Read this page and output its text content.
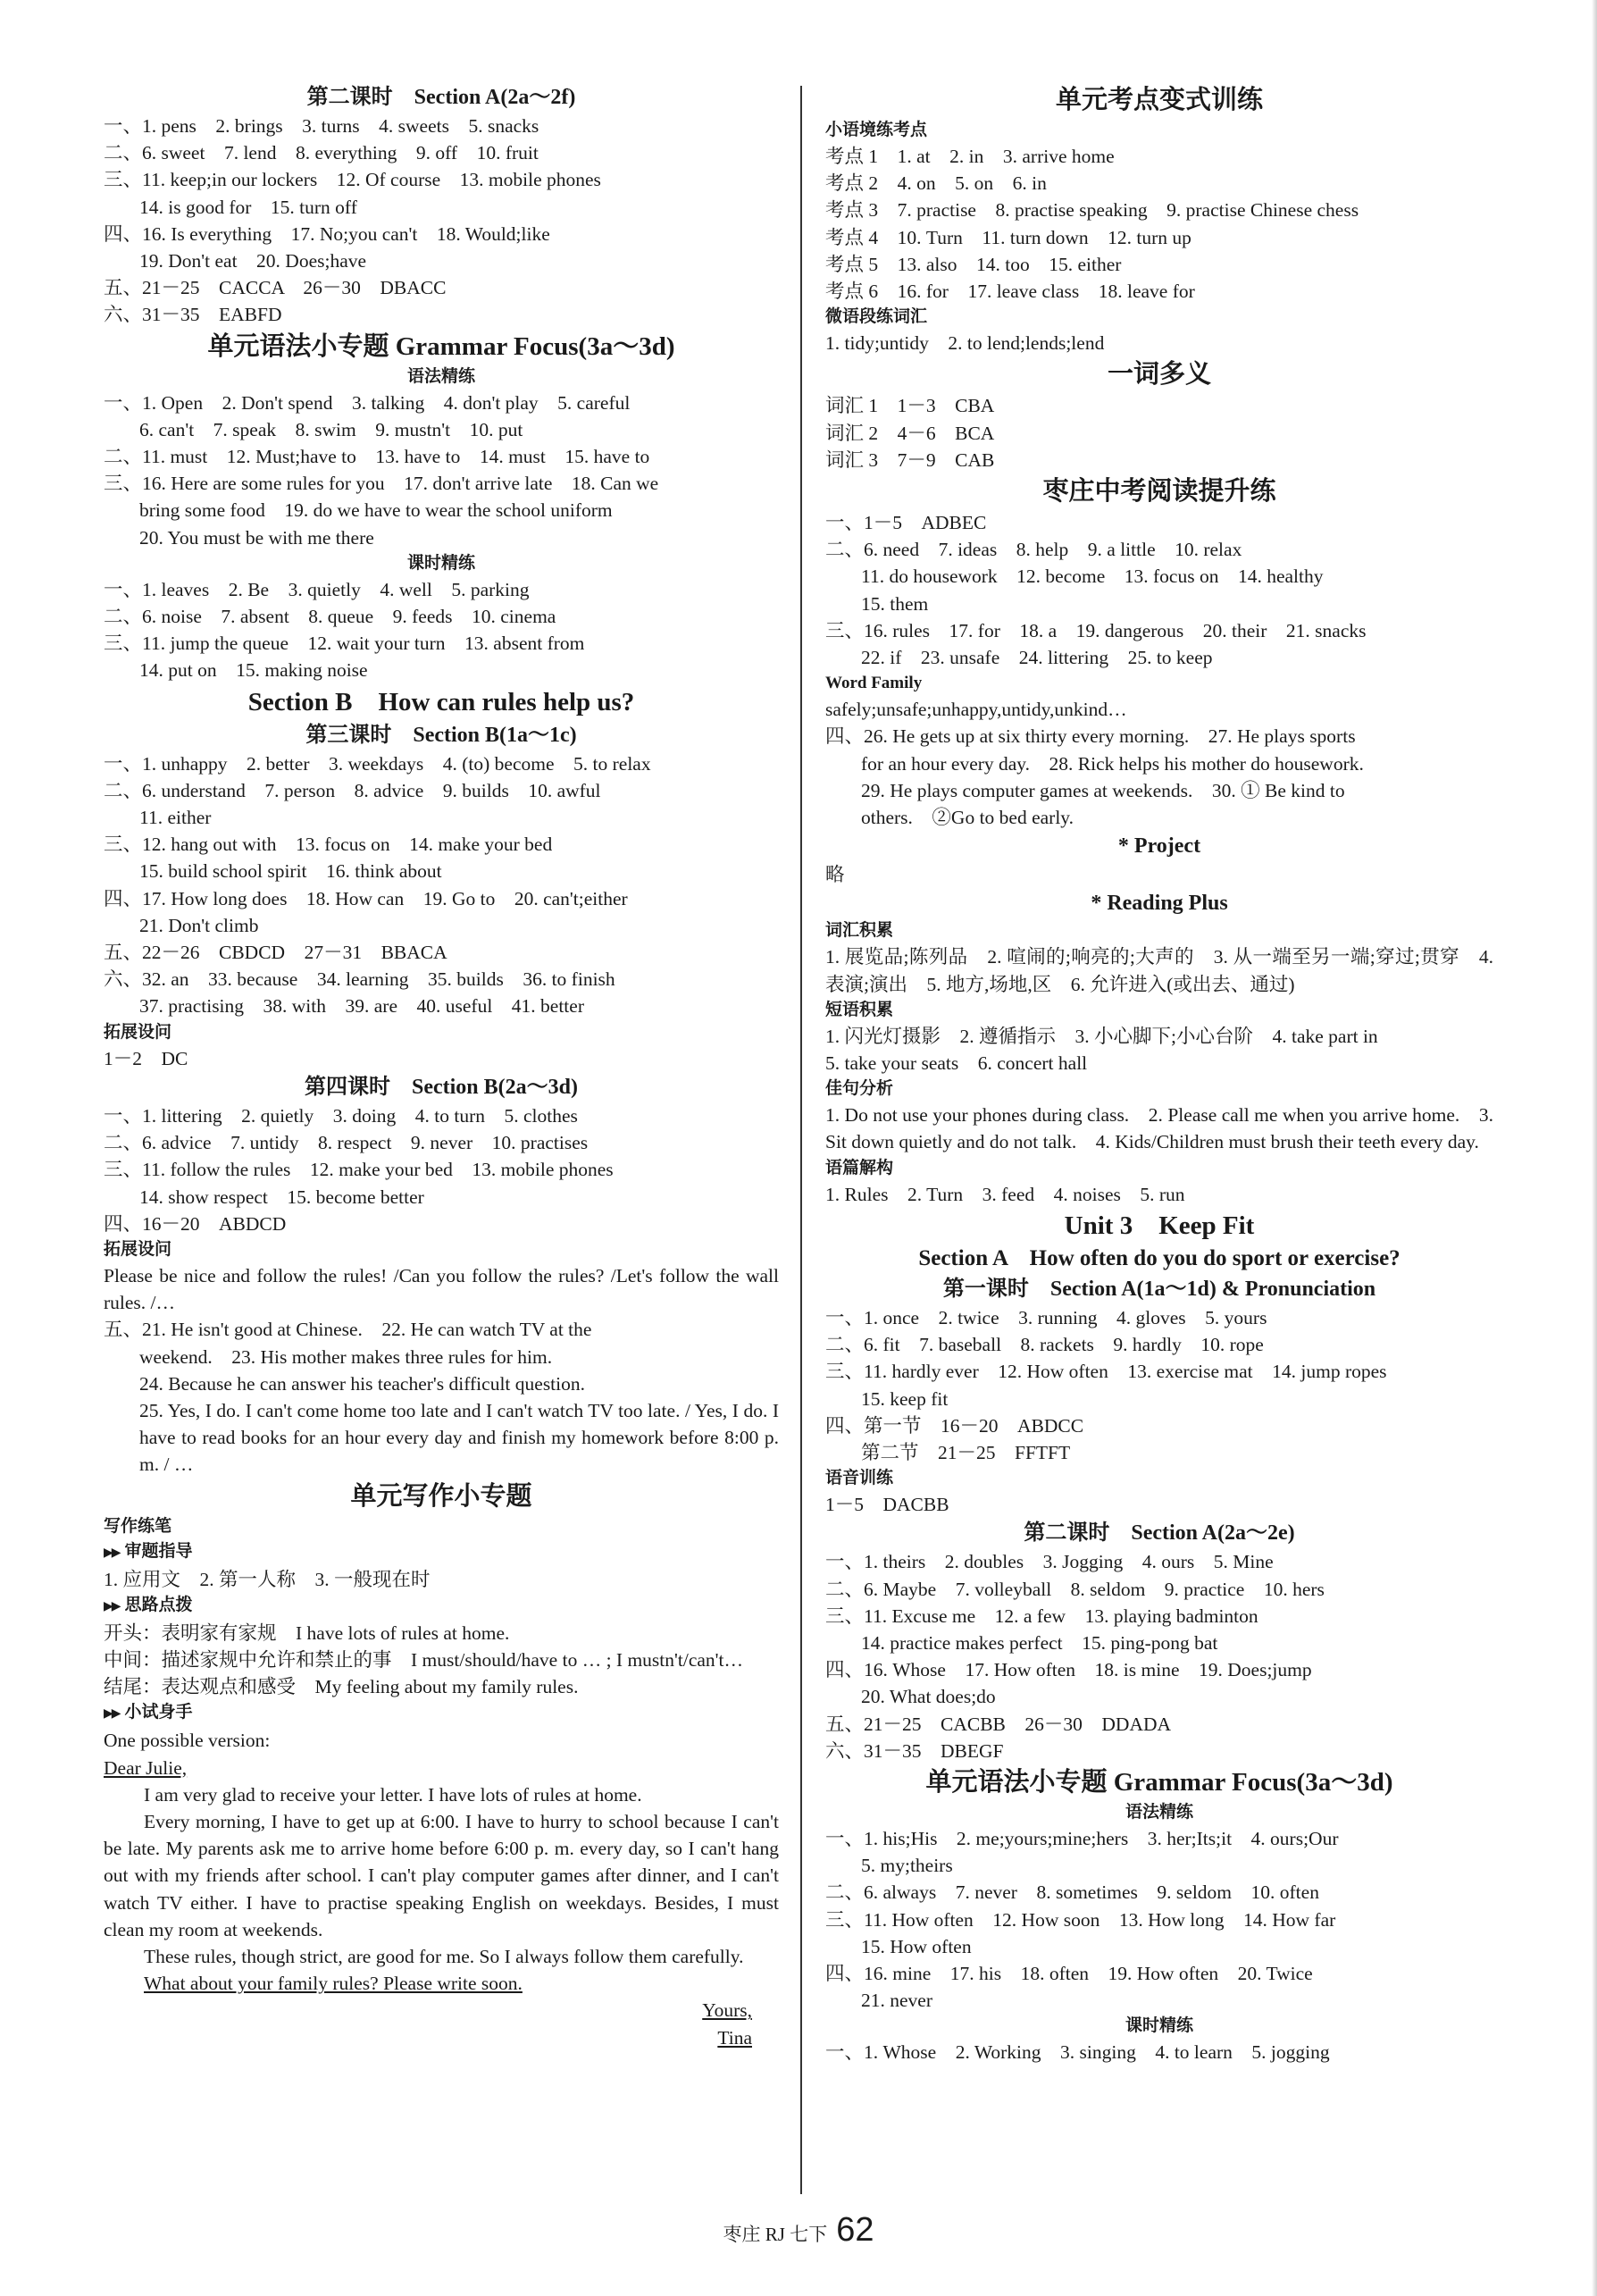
第二课时　Section A(2a～2f)
一、1. pens　2. brings　3. turns　4. sweets　5. snacks
二、6. sweet　7. lend　8. everything　9. off　10. fruit
三、11. keep;in our lockers　12. Of course　13. mobile phones
14. is good for　15. turn off
四、16. Is everything　17. No;you can't　18. Would;like
19. Don't eat　20. Does;have
五、21－25　CACCA　26－30　DBACC
六、31－35　EABFD
单元语法小专题 Grammar Focus(3a～3d)
语法精练
一、1. Open　2. Don't spend　3. talking　4. don't play　5. careful
6. can't　7. speak　8. swim　9. mustn't　10. put
二、11. must　12. Must;have to　13. have to　14. must　15. have to
三、16. Here are some rules for you　17. don't arrive late　18. Can we
bring some food　19. do we have to wear the school uniform
20. You must be with me there
课时精练
一、1. leaves　2. Be　3. quietly　4. well　5. parking
二、6. noise　7. absent　8. queue　9. feeds　10. cinema
三、11. jump the queue　12. wait your turn　13. absent from
14. put on　15. making noise
Section B　How can rules help us?
第三课时　Section B(1a～1c)
一、1. unhappy　2. better　3. weekdays　4. (to) become　5. to relax
二、6. understand　7. person　8. advice　9. builds　10. awful
11. either
三、12. hang out with　13. focus on　14. make your bed
15. build school spirit　16. think about
四、17. How long does　18. How can　19. Go to　20. can't;either
21. Don't climb
五、22－26　CBDCD　27－31　BBACA
六、32. an　33. because　34. learning　35. builds　36. to finish
37. practising　38. with　39. are　40. useful　41. better
拓展设问
1－2　DC
第四课时　Section B(2a～3d)
一、1. littering　2. quietly　3. doing　4. to turn　5. clothes
二、6. advice　7. untidy　8. respect　9. never　10. practises
三、11. follow the rules　12. make your bed　13. mobile phones
14. show respect　15. become better
四、16－20　ABDCD
拓展设问
Please be nice and follow the rules! /Can you follow the rules? /Let's follow the wall rules. /…
五、21. He isn't good at Chinese.　22. He can watch TV at the
weekend.　23. His mother makes three rules for him.
24. Because he can answer his teacher's difficult question.
25. Yes, I do. I can't come home too late and I can't watch TV too late. / Yes, I do. I have to read books for an hour every day and finish my homework before 8:00 p. m. / …
单元写作小专题
写作练笔
▶▶ 审题指导
1. 应用文　2. 第一人称　3. 一般现在时
▶▶ 思路点拨
开头：表明家有家规　I have lots of rules at home.
中间：描述家规中允许和禁止的事　I must/should/have to … ; I mustn't/can't…
结尾：表达观点和感受　My feeling about my family rules.
▶▶ 小试身手
One possible version:
Dear Julie,
I am very glad to receive your letter. I have lots of rules at home.
Every morning, I have to get up at 6:00. I have to hurry to school because I can't be late. My parents ask me to arrive home before 6:00 p. m. every day, so I can't hang out with my friends after school. I can't play computer games after dinner, and I can't watch TV either. I have to practise speaking English on weekdays. Besides, I must clean my room at weekends.
These rules, though strict, are good for me. So I always follow them carefully.
What about your family rules? Please write soon.
Yours,
Tina
单元考点变式训练
小语境练考点
考点 1　1. at　2. in　3. arrive home
考点 2　4. on　5. on　6. in
考点 3　7. practise　8. practise speaking　9. practise Chinese chess
考点 4　10. Turn　11. turn down　12. turn up
考点 5　13. also　14. too　15. either
考点 6　16. for　17. leave class　18. leave for
微语段练词汇
1. tidy;untidy　2. to lend;lends;lend
一词多义
词汇 1　1－3　CBA
词汇 2　4－6　BCA
词汇 3　7－9　CAB
枣庄中考阅读提升练
一、1－5　ADBEC
二、6. need　7. ideas　8. help　9. a little　10. relax
11. do housework　12. become　13. focus on　14. healthy
15. them
三、16. rules　17. for　18. a　19. dangerous　20. their　21. snacks
22. if　23. unsafe　24. littering　25. to keep
Word Family
safely;unsafe;unhappy,untidy,unkind…
四、26. He gets up at six thirty every morning.　27. He plays sports
for an hour every day.　28. Rick helps his mother do housework.
29. He plays computer games at weekends.　30. ① Be kind to
others.　②Go to bed early.
* Project
略
* Reading Plus
词汇积累
1. 展览品;陈列品　2. 喧闹的;响亮的;大声的　3. 从一端至另一端;穿过;贯穿　4. 表演;演出　5. 地方,场地,区　6. 允许进入(或出去、通过)
短语积累
1. 闪光灯摄影　2. 遵循指示　3. 小心脚下;小心台阶　4. take part in
5. take your seats　6. concert hall
佳句分析
1. Do not use your phones during class.　2. Please call me when you arrive home.　3. Sit down quietly and do not talk.　4. Kids/Children must brush their teeth every day.
语篇解构
1. Rules　2. Turn　3. feed　4. noises　5. run
Unit 3　Keep Fit
Section A　How often do you do sport or exercise?
第一课时　Section A(1a～1d) & Pronunciation
一、1. once　2. twice　3. running　4. gloves　5. yours
二、6. fit　7. baseball　8. rackets　9. hardly　10. rope
三、11. hardly ever　12. How often　13. exercise mat　14. jump ropes
15. keep fit
四、第一节　16－20　ABDCC
第二节　21－25　FFTFT
语音训练
1－5　DACBB
第二课时　Section A(2a～2e)
一、1. theirs　2. doubles　3. Jogging　4. ours　5. Mine
二、6. Maybe　7. volleyball　8. seldom　9. practice　10. hers
三、11. Excuse me　12. a few　13. playing badminton
14. practice makes perfect　15. ping-pong bat
四、16. Whose　17. How often　18. is mine　19. Does;jump
20. What does;do
五、21－25　CACBB　26－30　DDADA
六、31－35　DBEGF
单元语法小专题 Grammar Focus(3a～3d)
语法精练
一、1. his;His　2. me;yours;mine;hers　3. her;Its;it　4. ours;Our
5. my;theirs
二、6. always　7. never　8. sometimes　9. seldom　10. often
三、11. How often　12. How soon　13. How long　14. How far
15. How often
四、16. mine　17. his　18. often　19. How often　20. Twice
21. never
课时精练
一、1. Whose　2. Working　3. singing　4. to learn　5. jogging
枣庄 RJ 七下 62
